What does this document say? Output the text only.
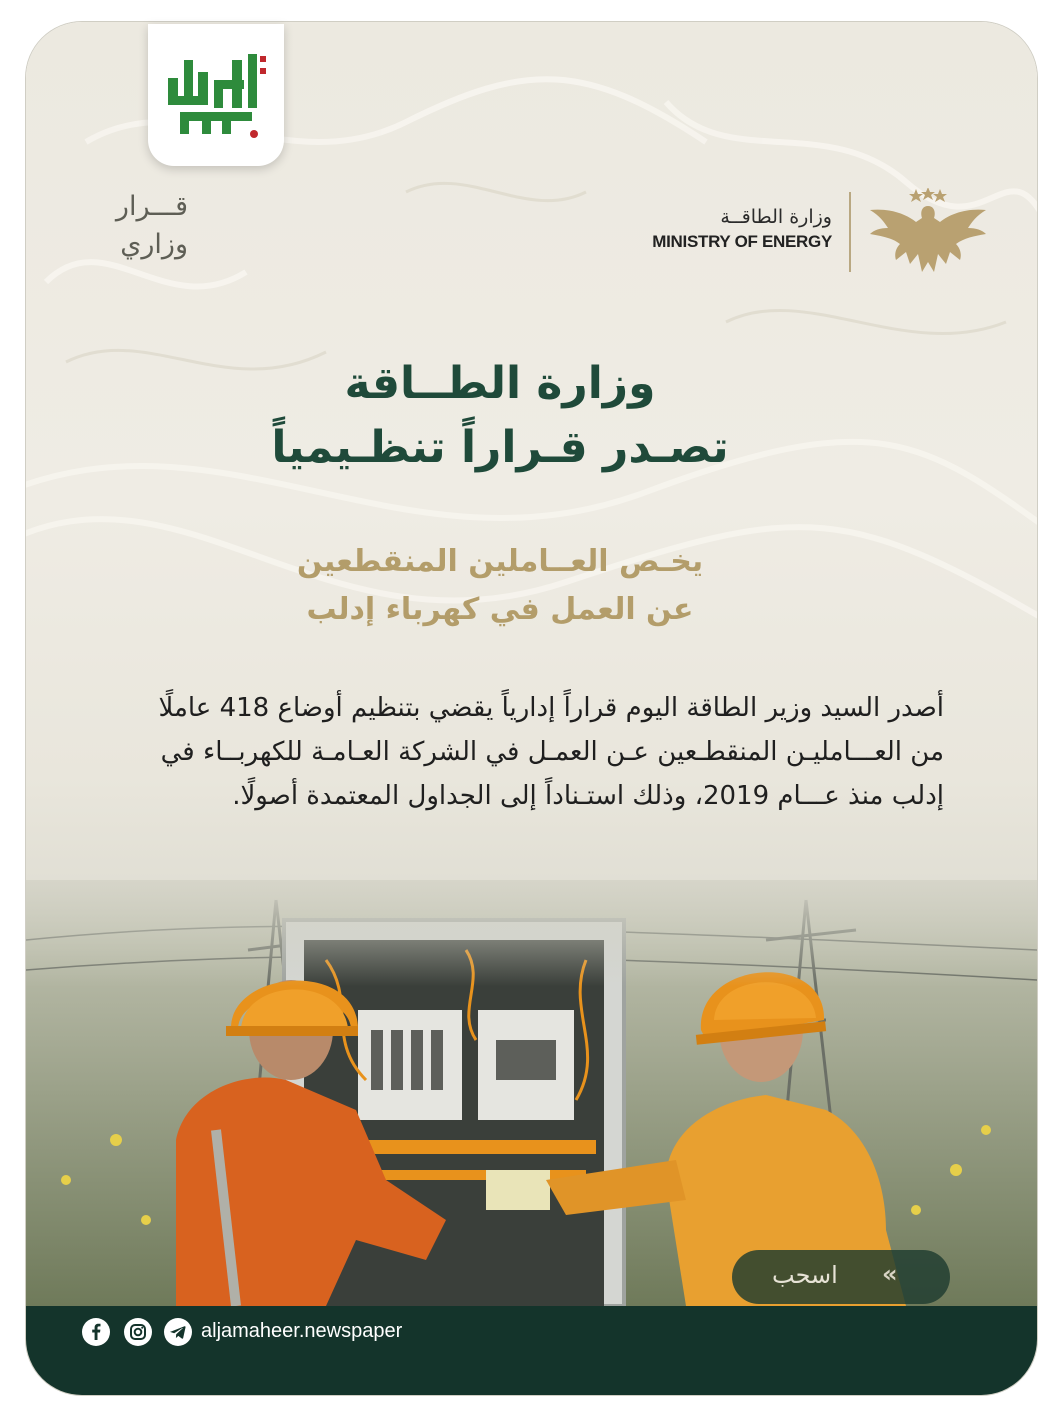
قـــرار
وزاري
وزارة الطاقــة
MINISTRY OF ENERGY
وزارة الطــاقة
تصـدر قـراراً تنظـيمياً
يخـص العــاملين المنقطعين
عن العمل في كهرباء إدلب
أصدر السيد وزير الطاقة اليوم قراراً إدارياً يقضي بتنظيم أوضاع 418 عاملًا من العـــامليـن المنقطـعين عـن العمـل في الشركة العـامـة للكهربــاء في إدلب منذ عـــام 2019، وذلك استـناداً إلى الجداول المعتمدة أصولًا.
اسحب «
aljamaheer.newspaper
